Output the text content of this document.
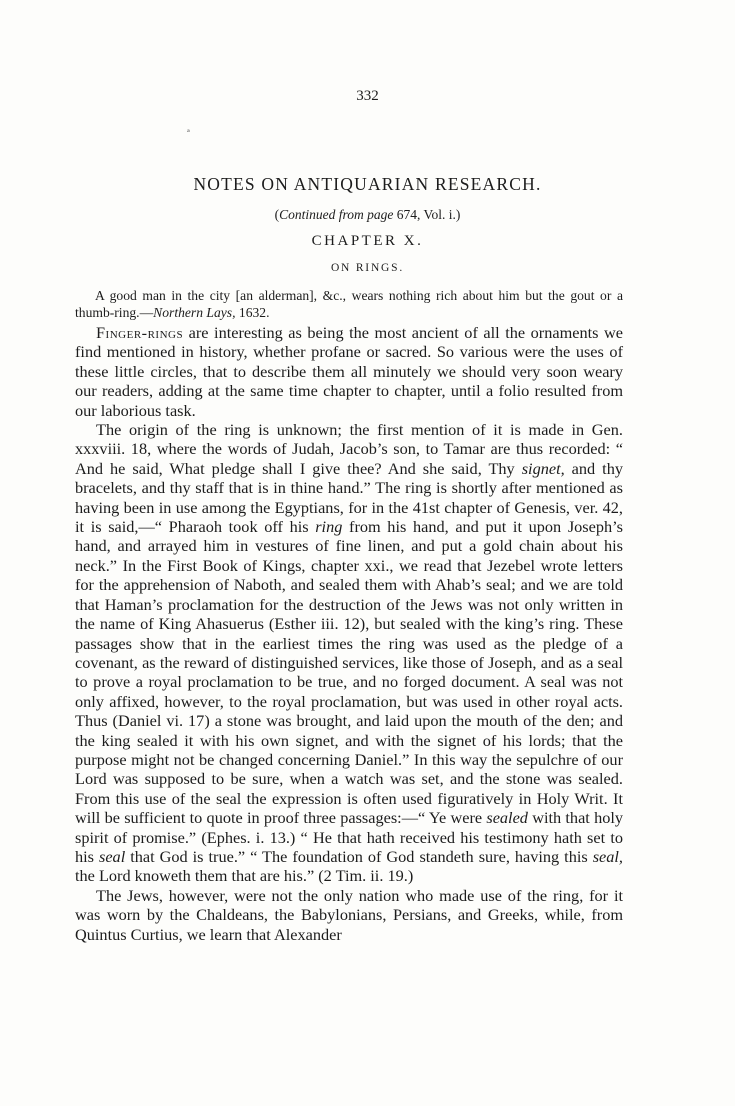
332
ª
NOTES ON ANTIQUARIAN RESEARCH.
(Continued from page 674, Vol. i.)
CHAPTER X.
ON RINGS.
A good man in the city [an alderman], &c., wears nothing rich about him but the gout or a thumb-ring.—Northern Lays, 1632.

Finger-rings are interesting as being the most ancient of all the ornaments we find mentioned in history, whether profane or sacred. So various were the uses of these little circles, that to describe them all minutely we should very soon weary our readers, adding at the same time chapter to chapter, until a folio resulted from our laborious task.

The origin of the ring is unknown; the first mention of it is made in Gen. xxxviii. 18, where the words of Judah, Jacob’s son, to Tamar are thus recorded: “ And he said, What pledge shall I give thee? And she said, Thy signet, and thy bracelets, and thy staff that is in thine hand.” The ring is shortly after mentioned as having been in use among the Egyptians, for in the 41st chapter of Genesis, ver. 42, it is said,—“ Pharaoh took off his ring from his hand, and put it upon Joseph’s hand, and arrayed him in vestures of fine linen, and put a gold chain about his neck.” In the First Book of Kings, chapter xxi., we read that Jezebel wrote letters for the apprehension of Naboth, and sealed them with Ahab’s seal; and we are told that Haman’s proclamation for the destruction of the Jews was not only written in the name of King Ahasuerus (Esther iii. 12), but sealed with the king’s ring. These passages show that in the earliest times the ring was used as the pledge of a covenant, as the reward of distinguished services, like those of Joseph, and as a seal to prove a royal proclamation to be true, and no forged document. A seal was not only affixed, however, to the royal proclamation, but was used in other royal acts. Thus (Daniel vi. 17) a stone was brought, and laid upon the mouth of the den; and the king sealed it with his own signet, and with the signet of his lords; that the purpose might not be changed concerning Daniel.” In this way the sepulchre of our Lord was supposed to be sure, when a watch was set, and the stone was sealed. From this use of the seal the expression is often used figuratively in Holy Writ. It will be sufficient to quote in proof three passages:—“ Ye were sealed with that holy spirit of promise.” (Ephes. i. 13.) “ He that hath received his testimony hath set to his seal that God is true.” “ The foundation of God standeth sure, having this seal, the Lord knoweth them that are his.” (2 Tim. ii. 19.)

The Jews, however, were not the only nation who made use of the ring, for it was worn by the Chaldeans, the Babylonians, Persians, and Greeks, while, from Quintus Curtius, we learn that Alexander
